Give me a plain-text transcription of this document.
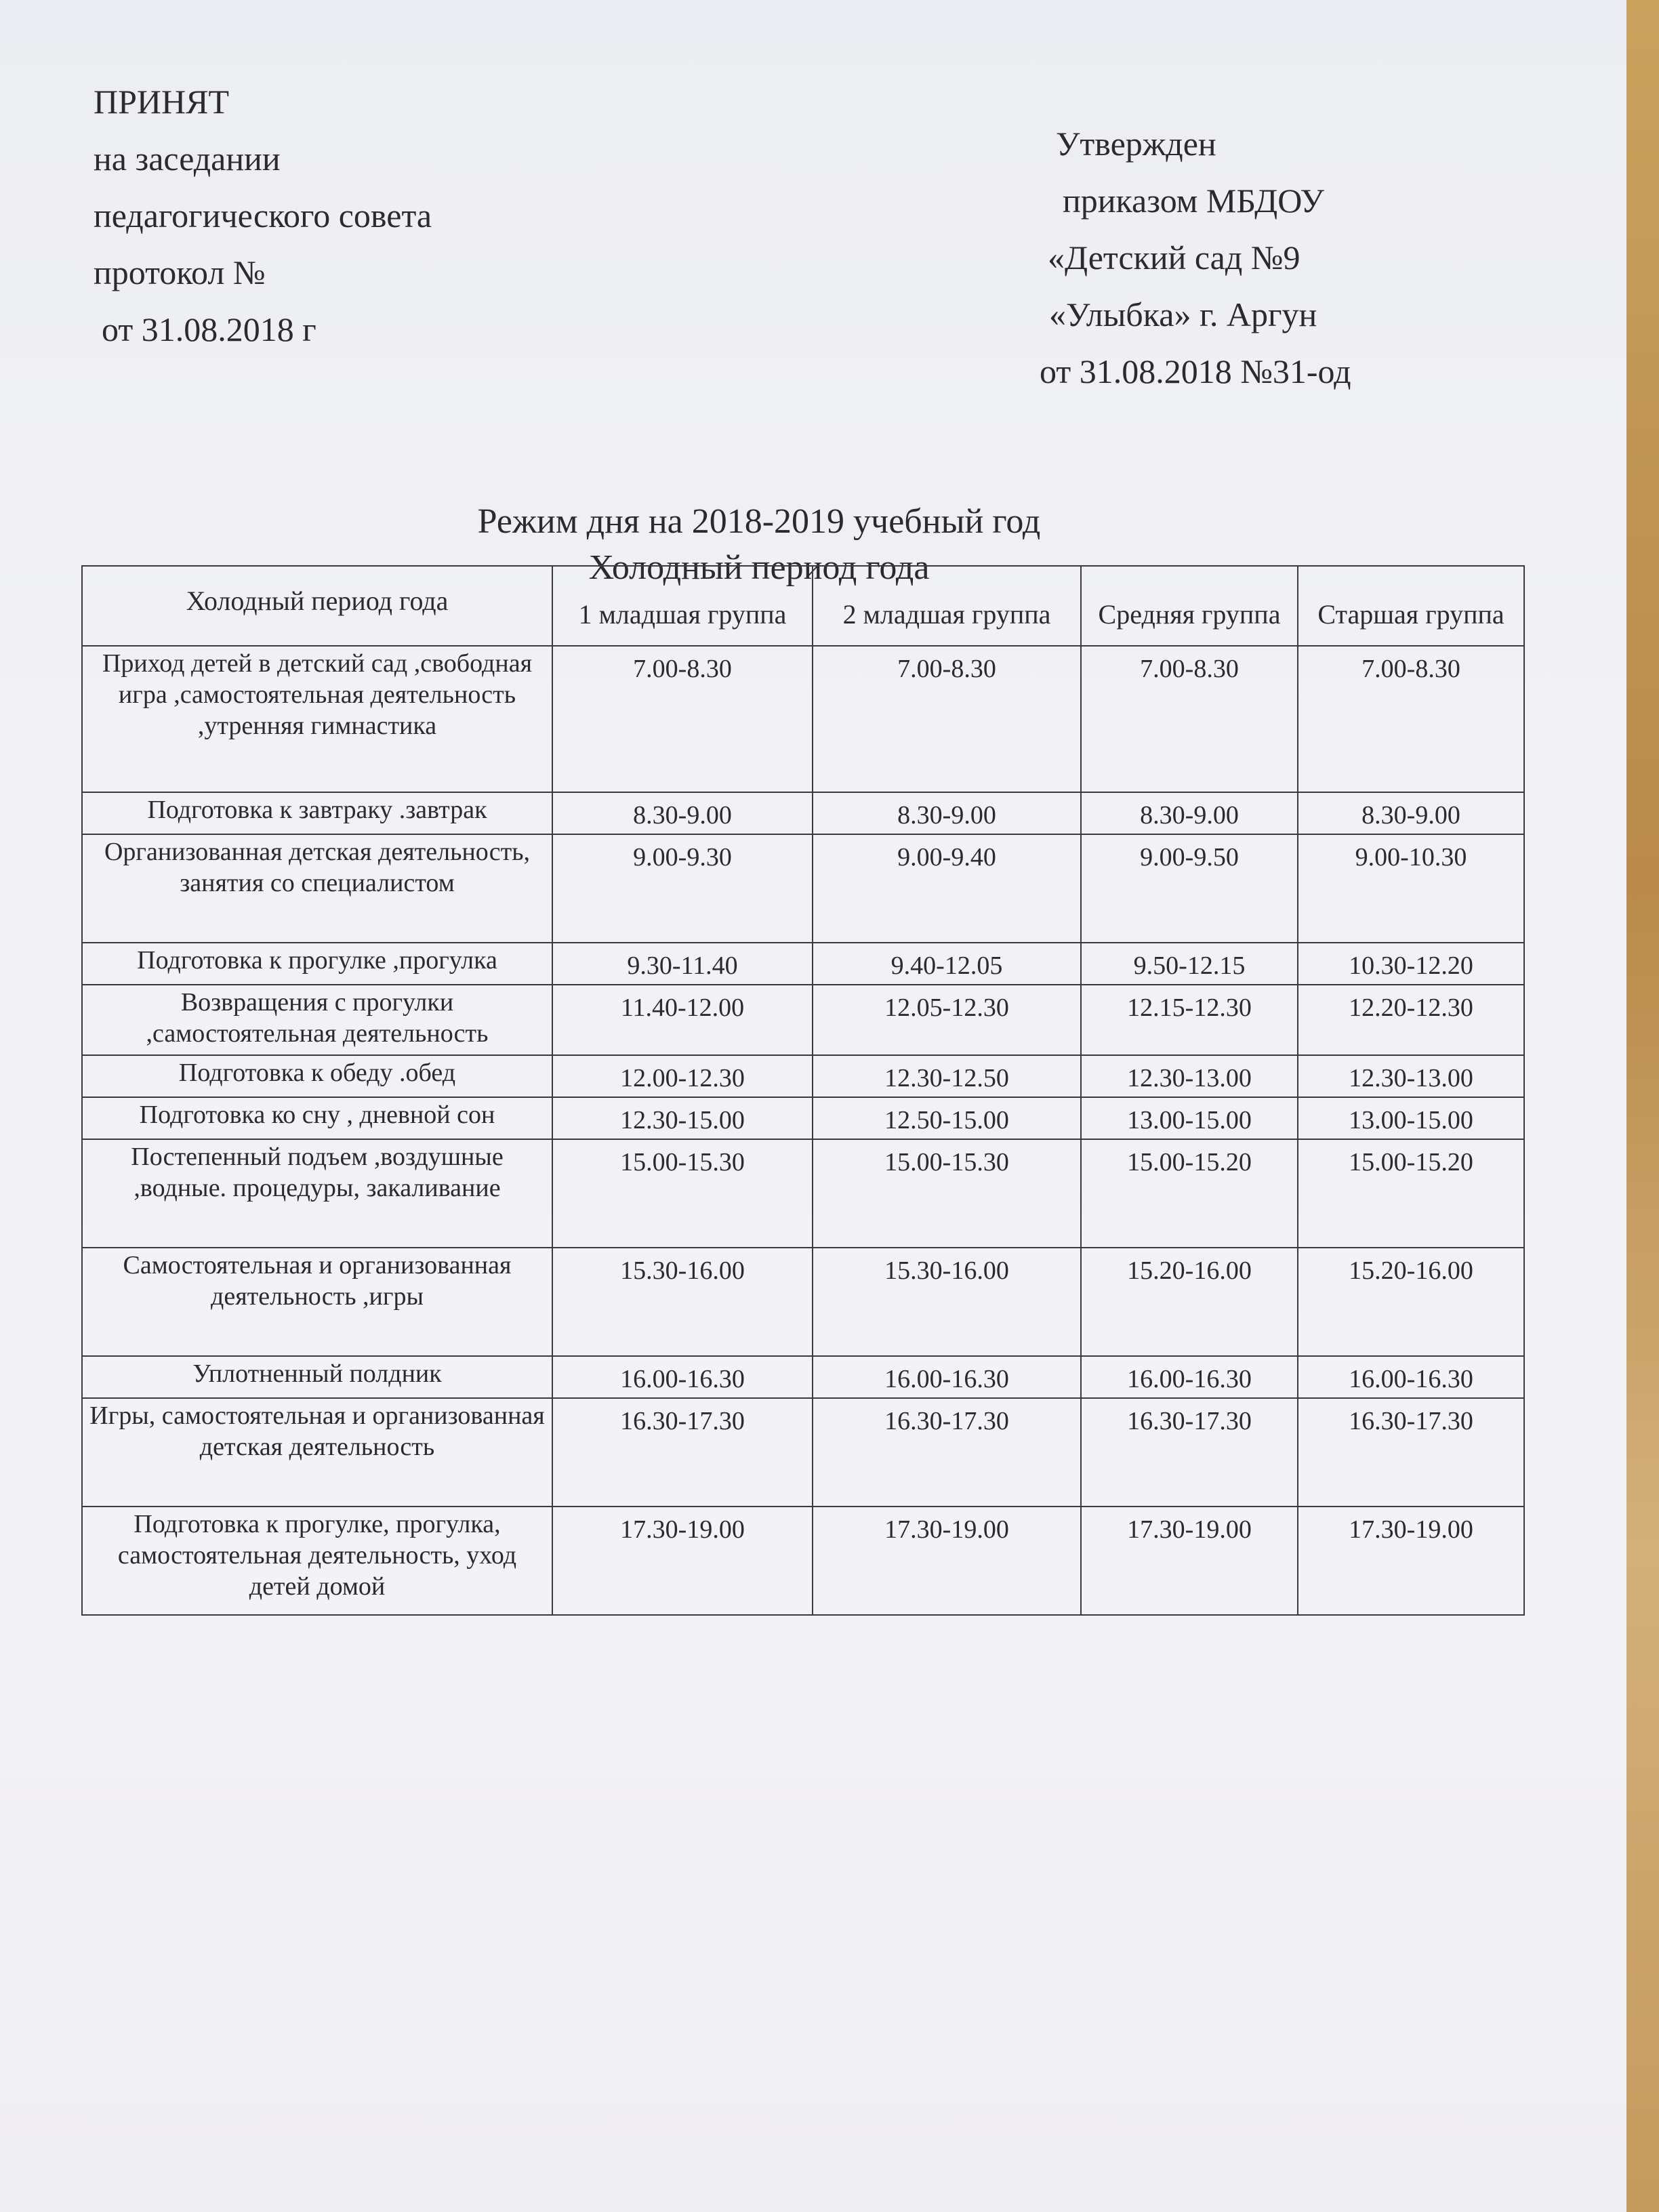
ПРИНЯТ
на заседании
педагогического совета
протокол №
от 31.08.2018 г
Утвержден
приказом МБДОУ
«Детский сад №9
«Улыбка» г. Аргун
от 31.08.2018 №31-од
Режим дня на 2018-2019 учебный год
Холодный период года
Холодный период года	1 младшая группа	2 младшая группа	Средняя группа	Старшая группа
Приход детей в детский сад ,свободная игра ,самостоятельная деятельность ,утренняя гимнастика	7.00-8.30	7.00-8.30	7.00-8.30	7.00-8.30
Подготовка к завтраку .завтрак	8.30-9.00	8.30-9.00	8.30-9.00	8.30-9.00
Организованная детская деятельность, занятия со специалистом	9.00-9.30	9.00-9.40	9.00-9.50	9.00-10.30
Подготовка к прогулке ,прогулка	9.30-11.40	9.40-12.05	9.50-12.15	10.30-12.20
Возвращения с прогулки ,самостоятельная деятельность	11.40-12.00	12.05-12.30	12.15-12.30	12.20-12.30
Подготовка к обеду .обед	12.00-12.30	12.30-12.50	12.30-13.00	12.30-13.00
Подготовка ко сну , дневной сон	12.30-15.00	12.50-15.00	13.00-15.00	13.00-15.00
Постепенный подъем ,воздушные ,водные. процедуры, закаливание	15.00-15.30	15.00-15.30	15.00-15.20	15.00-15.20
Самостоятельная и организованная деятельность ,игры	15.30-16.00	15.30-16.00	15.20-16.00	15.20-16.00
Уплотненный полдник	16.00-16.30	16.00-16.30	16.00-16.30	16.00-16.30
Игры, самостоятельная и организованная детская деятельность	16.30-17.30	16.30-17.30	16.30-17.30	16.30-17.30
Подготовка к прогулке, прогулка, самостоятельная деятельность, уход детей домой	17.30-19.00	17.30-19.00	17.30-19.00	17.30-19.00
